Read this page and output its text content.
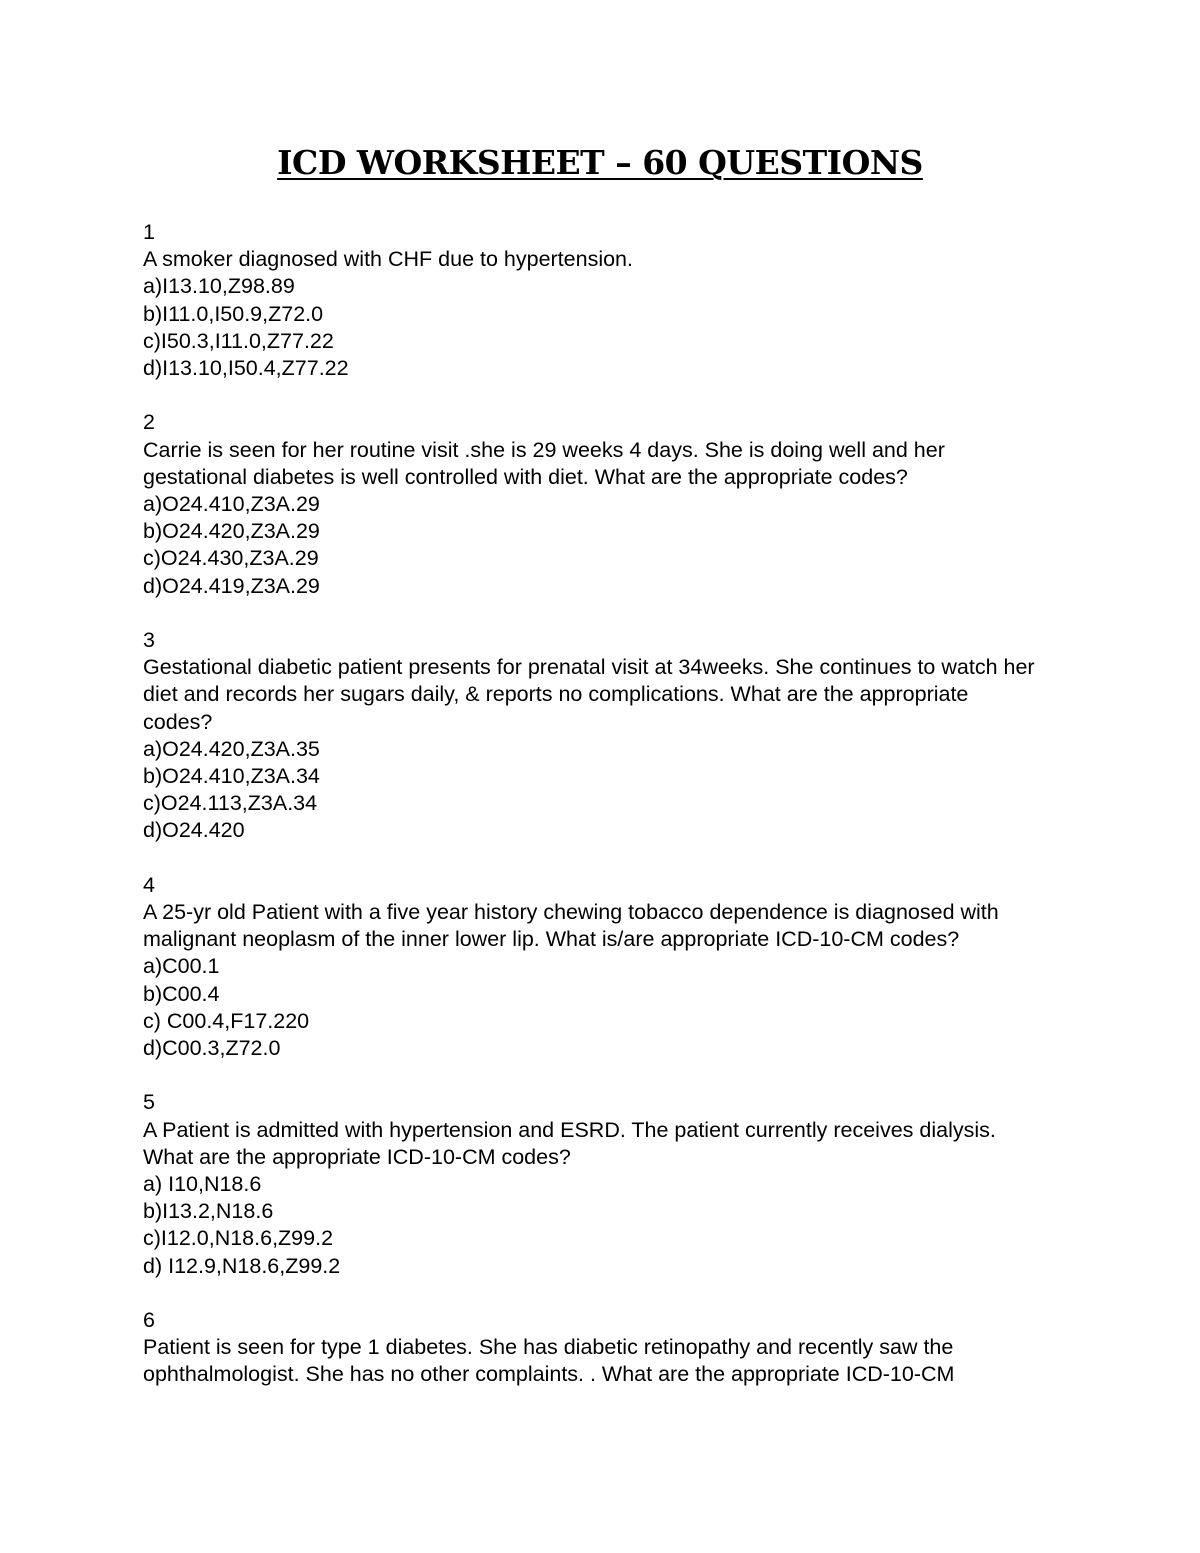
ICD WORKSHEET – 60 QUESTIONS
1
A smoker diagnosed with CHF due to hypertension.
a)I13.10,Z98.89
b)I11.0,I50.9,Z72.0
c)I50.3,I11.0,Z77.22
d)I13.10,I50.4,Z77.22
2
Carrie is seen for her routine visit .she is 29 weeks 4 days. She is doing well and her gestational diabetes is well controlled with diet. What are the appropriate codes?
a)O24.410,Z3A.29
b)O24.420,Z3A.29
c)O24.430,Z3A.29
d)O24.419,Z3A.29
3
Gestational diabetic patient presents for prenatal visit at 34weeks. She continues to watch her diet and records her sugars daily, & reports no complications. What are the appropriate codes?
a)O24.420,Z3A.35
b)O24.410,Z3A.34
c)O24.113,Z3A.34
d)O24.420
4
A 25-yr old Patient with a five year history chewing tobacco dependence is diagnosed with malignant neoplasm of the inner lower lip. What is/are appropriate ICD-10-CM codes?
a)C00.1
b)C00.4
c) C00.4,F17.220
d)C00.3,Z72.0
5
A Patient is admitted with hypertension and ESRD. The patient currently receives dialysis. What are the appropriate ICD-10-CM codes?
a) I10,N18.6
b)I13.2,N18.6
c)I12.0,N18.6,Z99.2
d) I12.9,N18.6,Z99.2
6
Patient is seen for type 1 diabetes. She has diabetic retinopathy and recently saw the ophthalmologist. She has no other complaints. . What are the appropriate ICD-10-CM
